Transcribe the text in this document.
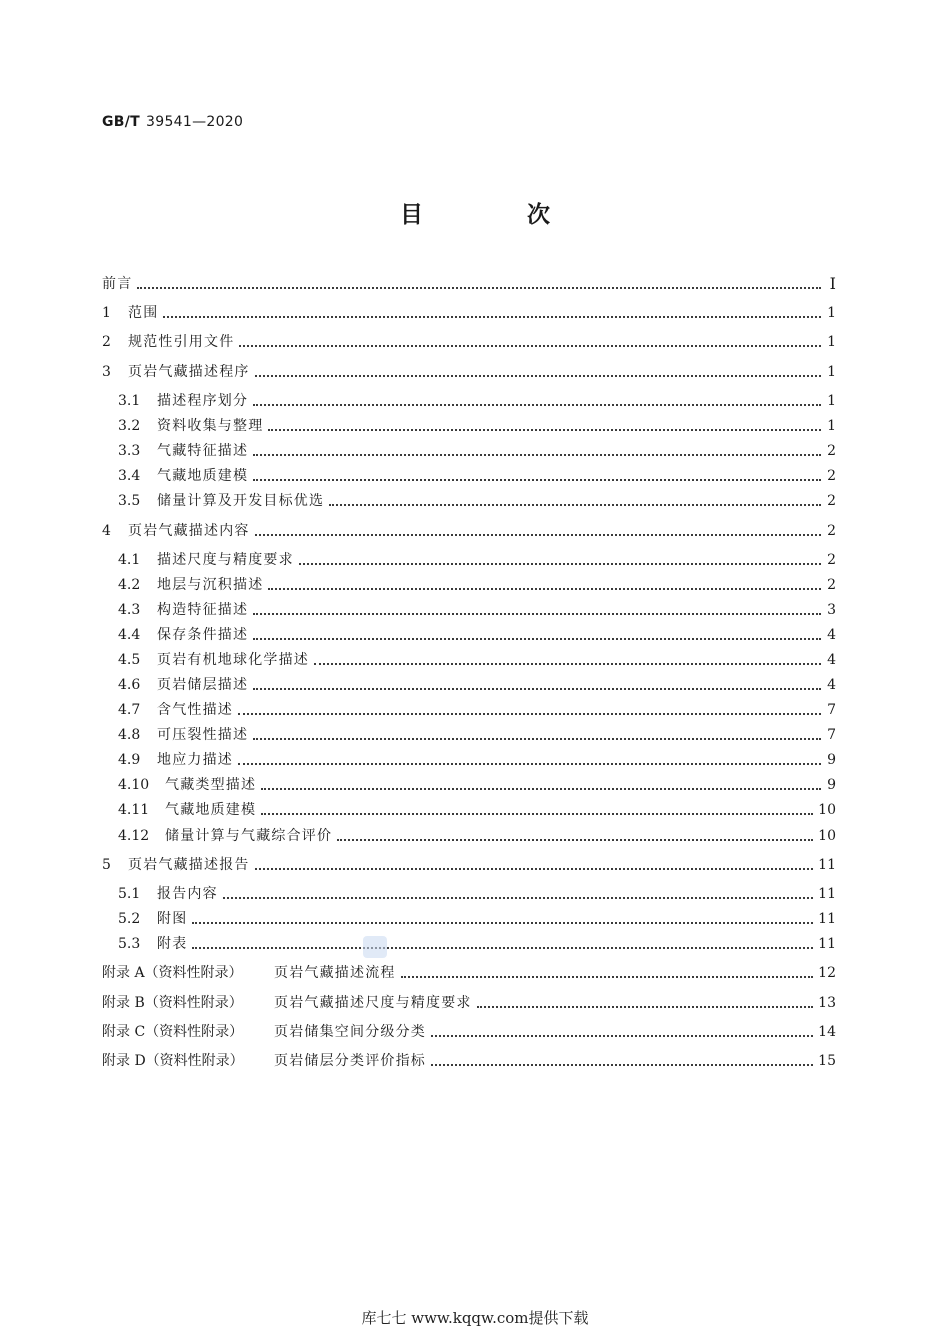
GB/T 39541—2020
目 次
前言	I
1	范围	1
2	规范性引用文件	1
3	页岩气藏描述程序	1
3.1	描述程序划分	1
3.2	资料收集与整理	1
3.3	气藏特征描述	2
3.4	气藏地质建模	2
3.5	储量计算及开发目标优选	2
4	页岩气藏描述内容	2
4.1	描述尺度与精度要求	2
4.2	地层与沉积描述	2
4.3	构造特征描述	3
4.4	保存条件描述	4
4.5	页岩有机地球化学描述	4
4.6	页岩储层描述	4
4.7	含气性描述	7
4.8	可压裂性描述	7
4.9	地应力描述	9
4.10	气藏类型描述	9
4.11	气藏地质建模	10
4.12	储量计算与气藏综合评价	10
5	页岩气藏描述报告	11
5.1	报告内容	11
5.2	附图	11
5.3	附表	11
附录 A（资料性附录）	页岩气藏描述流程	12
附录 B（资料性附录）	页岩气藏描述尺度与精度要求	13
附录 C（资料性附录）	页岩储集空间分级分类	14
附录 D（资料性附录）	页岩储层分类评价指标	15
库七七 www.kqqw.com提供下载
